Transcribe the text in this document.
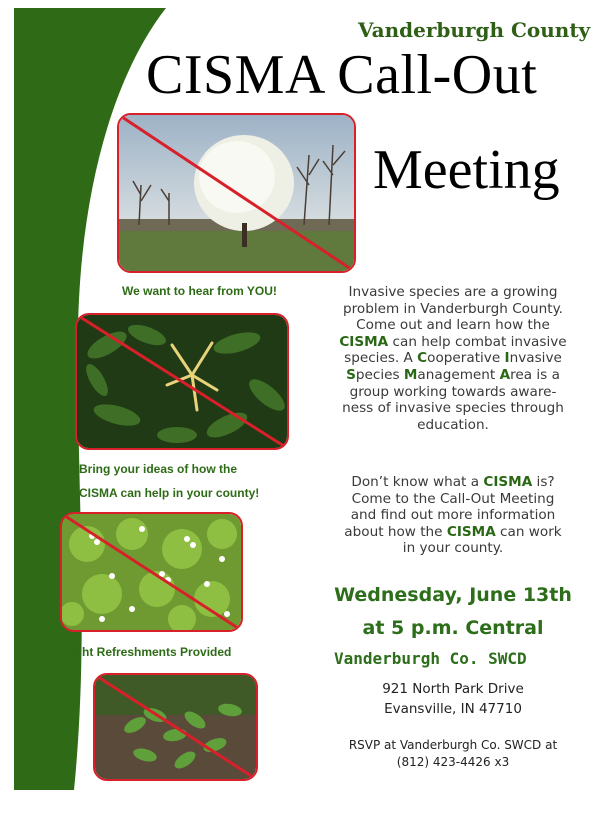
Vanderburgh County
CISMA Call-Out
Meeting
We want to hear from YOU!
Bring your ideas of how the
CISMA can help in your county!
Light Refreshments Provided
Invasive species are a growing
problem in Vanderburgh County.
Come out and learn how the
CISMA can help combat invasive
species. A Cooperative Invasive
Species Management Area is a
group working towards aware-
ness of invasive species through
education.
Don’t know what a CISMA is?
Come to the Call-Out Meeting
and find out more information
about how the CISMA can work
in your county.
Wednesday, June 13th
at 5 p.m. Central
Vanderburgh Co. SWCD
921 North Park Drive
Evansville, IN 47710
RSVP at Vanderburgh Co. SWCD at
(812) 423-4426 x3
